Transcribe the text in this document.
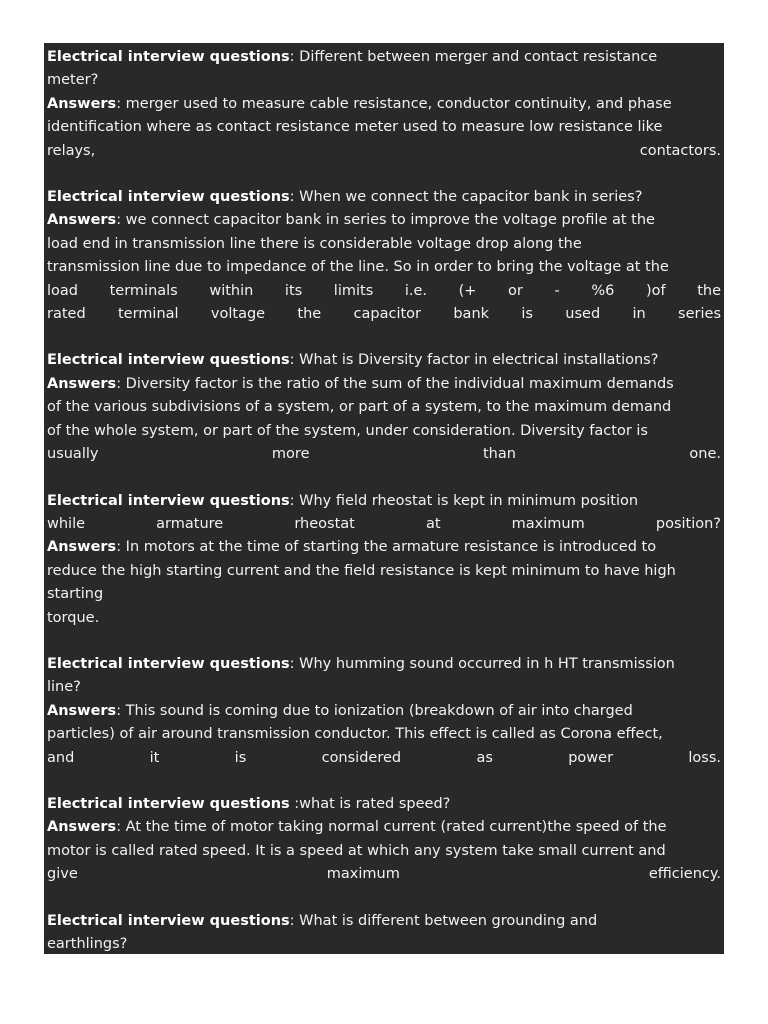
Electrical interview questions: Different between merger and contact resistance
meter?
Answers: merger used to measure cable resistance, conductor continuity, and phase
identification where as contact resistance meter used to measure low resistance like
relays, contactors.
Electrical interview questions: When we connect the capacitor bank in series?
Answers: we connect capacitor bank in series to improve the voltage profile at the
load end in transmission line there is considerable voltage drop along the
transmission line due to impedance of the line. So in order to bring the voltage at the
load terminals within its limits i.e. (+ or - %6 )of the
rated terminal voltage the capacitor bank is used in series
Electrical interview questions: What is Diversity factor in electrical installations?
Answers: Diversity factor is the ratio of the sum of the individual maximum demands
of the various subdivisions of a system, or part of a system, to the maximum demand
of the whole system, or part of the system, under consideration. Diversity factor is
usually more than one.
Electrical interview questions: Why field rheostat is kept in minimum position
while armature rheostat at maximum position?
Answers: In motors at the time of starting the armature resistance is introduced to
reduce the high starting current and the field resistance is kept minimum to have high
starting
torque.
Electrical interview questions: Why humming sound occurred in h HT transmission
line?
Answers: This sound is coming due to ionization (breakdown of air into charged
particles) of air around transmission conductor. This effect is called as Corona effect,
and it is considered as power loss.
Electrical interview questions :what is rated speed?
Answers: At the time of motor taking normal current (rated current)the speed of the
motor is called rated speed. It is a speed at which any system take small current and
give maximum efficiency.
Electrical interview questions: What is different between grounding and
earthlings?
